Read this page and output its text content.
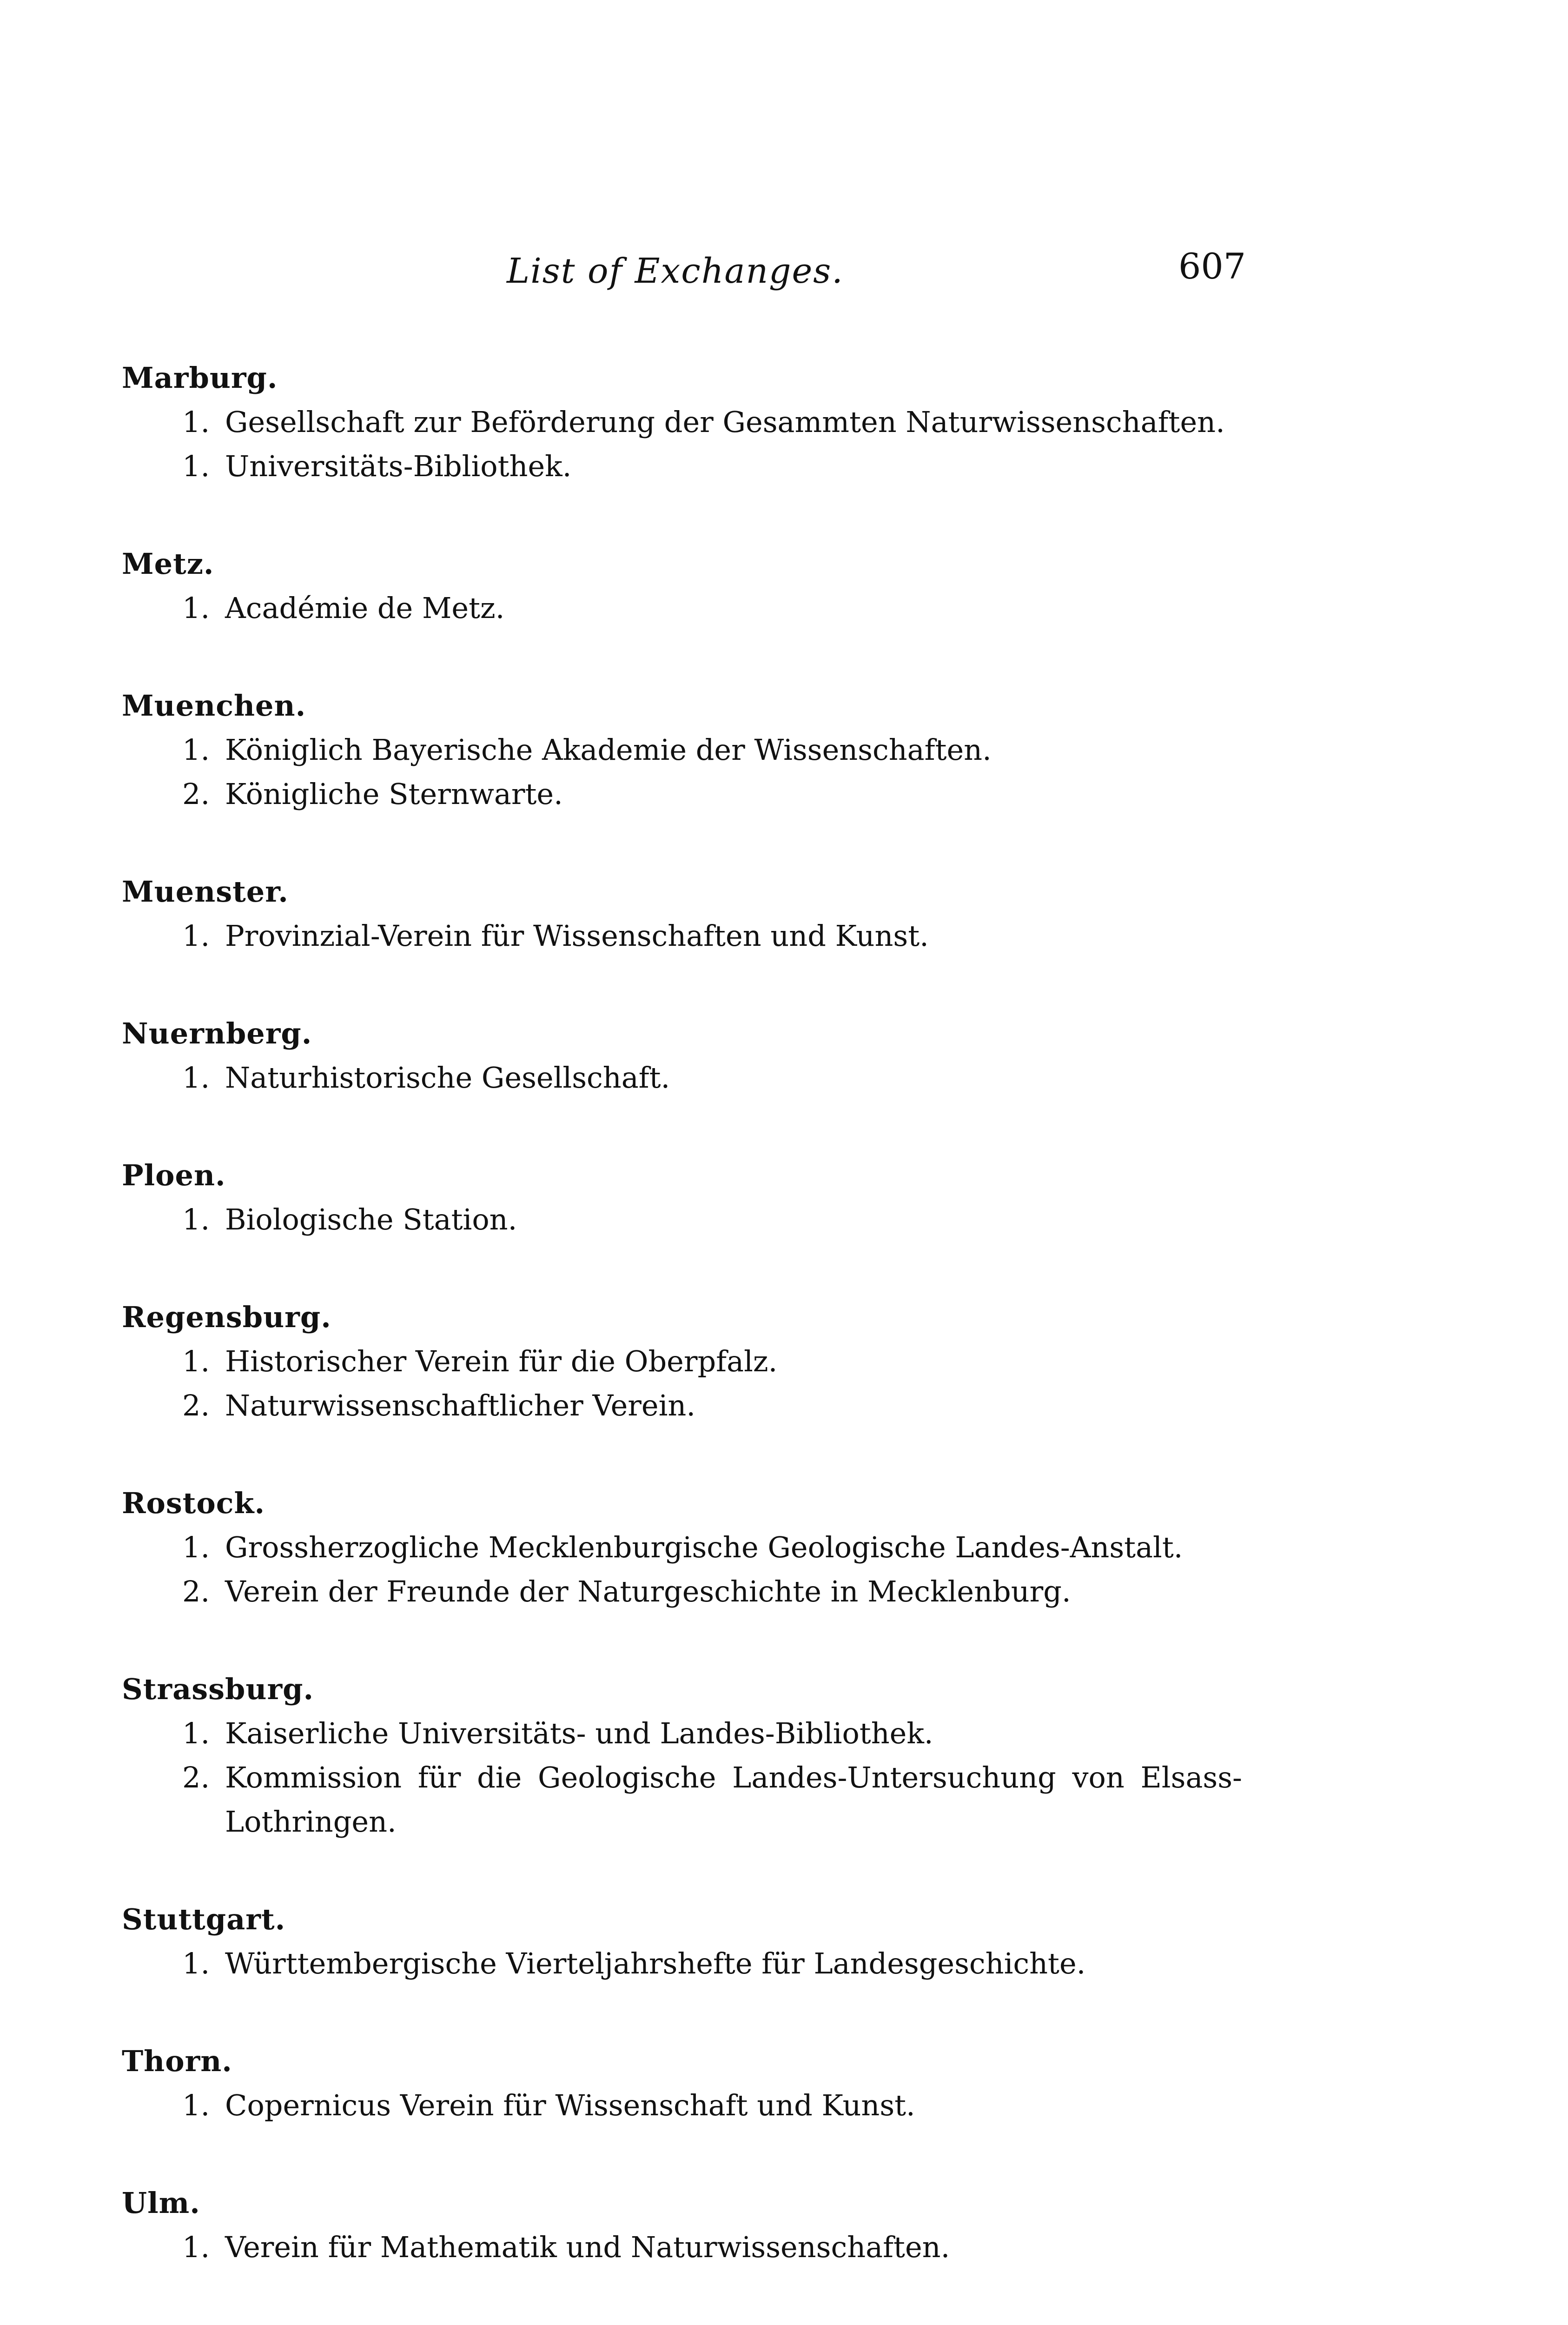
List of Exchanges.	607
Marburg.
1. Gesellschaft zur Beförderung der Gesammten Naturwissenschaften.
1. Universitäts-Bibliothek.
Metz.
1. Académie de Metz.
Muenchen.
1. Königlich Bayerische Akademie der Wissenschaften.
2. Königliche Sternwarte.
Muenster.
1. Provinzial-Verein für Wissenschaften und Kunst.
Nuernberg.
1. Naturhistorische Gesellschaft.
Ploen.
1. Biologische Station.
Regensburg.
1. Historischer Verein für die Oberpfalz.
2. Naturwissenschaftlicher Verein.
Rostock.
1. Grossherzogliche Mecklenburgische Geologische Landes-Anstalt.
2. Verein der Freunde der Naturgeschichte in Mecklenburg.
Strassburg.
1. Kaiserliche Universitäts- und Landes-Bibliothek.
2. Kommission für die Geologische Landes-Untersuchung von Elsass-Lothringen.
Stuttgart.
1. Württembergische Vierteljahrshefte für Landesgeschichte.
Thorn.
1. Copernicus Verein für Wissenschaft und Kunst.
Ulm.
1. Verein für Mathematik und Naturwissenschaften.
